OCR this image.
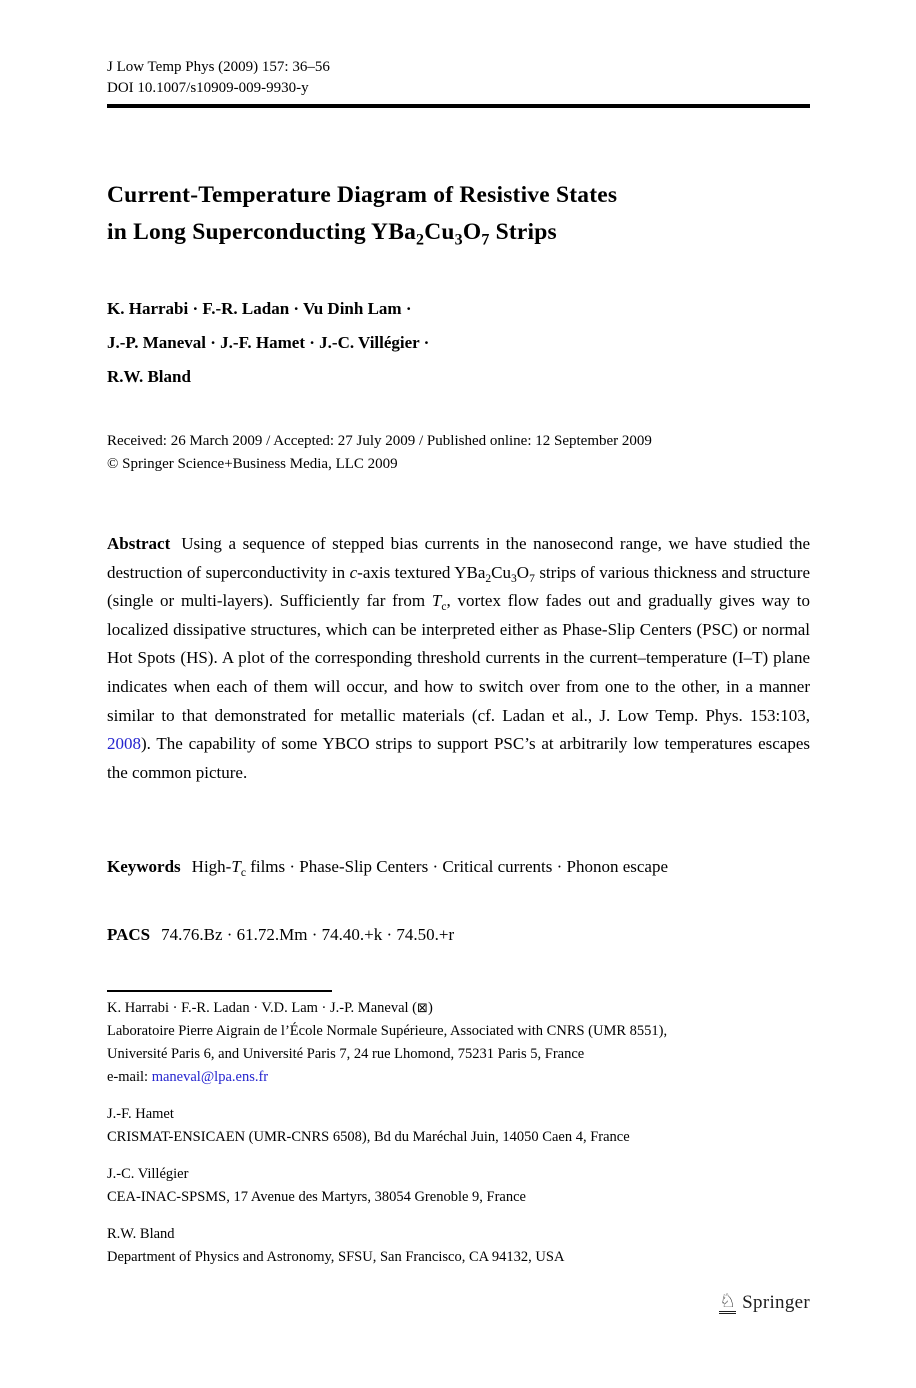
J Low Temp Phys (2009) 157: 36–56
DOI 10.1007/s10909-009-9930-y
Current-Temperature Diagram of Resistive States
in Long Superconducting $YBa_2Cu_3O_7$ Strips
K. Harrabi · F.-R. Ladan · Vu Dinh Lam ·
J.-P. Maneval · J.-F. Hamet · J.-C. Villégier ·
R.W. Bland
Received: 26 March 2009 / Accepted: 27 July 2009 / Published online: 12 September 2009
© Springer Science+Business Media, LLC 2009

Abstract Using a sequence of stepped bias currents in the nanosecond range, we have studied the destruction of superconductivity in c-axis textured $YBa_2Cu_3O_7$ strips of various thickness and structure (single or multi-layers). Sufficiently far from $T_c$, vortex flow fades out and gradually gives way to localized dissipative structures, which can be interpreted either as Phase-Slip Centers (PSC) or normal Hot Spots (HS). A plot of the corresponding threshold currents in the current–temperature (I–T) plane indicates when each of them will occur, and how to switch over from one to the other, in a manner similar to that demonstrated for metallic materials (cf. Ladan et al., J. Low Temp. Phys. 153:103, 2008). The capability of some YBCO strips to support PSC’s at arbitrarily low temperatures escapes the common picture.

Keywords High-$T_c$ films · Phase-Slip Centers · Critical currents · Phonon escape

PACS 74.76.Bz · 61.72.Mm · 74.40.+k · 74.50.+r

K. Harrabi · F.-R. Ladan · V.D. Lam · J.-P. Maneval (⊠)
Laboratoire Pierre Aigrain de l’École Normale Supérieure, Associated with CNRS (UMR 8551),
Université Paris 6, and Université Paris 7, 24 rue Lhomond, 75231 Paris 5, France
e-mail: maneval@lpa.ens.fr
J.-F. Hamet
CRISMAT-ENSICAEN (UMR-CNRS 6508), Bd du Maréchal Juin, 14050 Caen 4, France
J.-C. Villégier
CEA-INAC-SPSMS, 17 Avenue des Martyrs, 38054 Grenoble 9, France
R.W. Bland
Department of Physics and Astronomy, SFSU, San Francisco, CA 94132, USA
♘ Springer
